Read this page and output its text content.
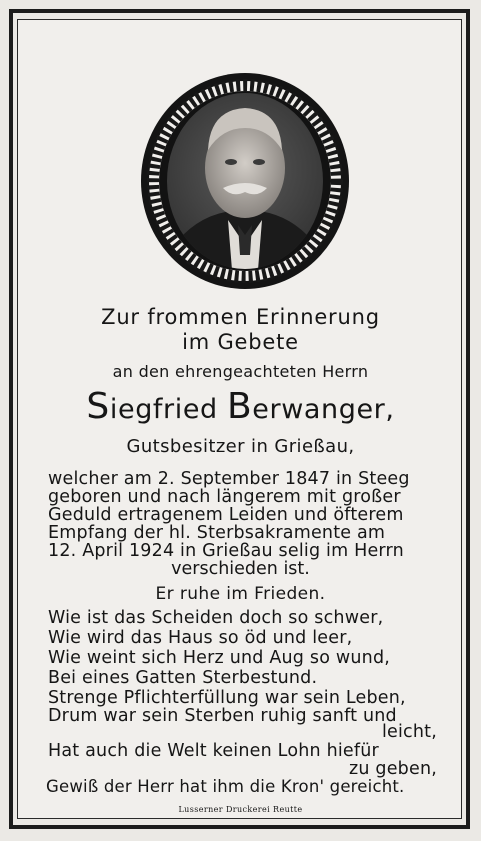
Zur frommen Erinnerung

im Gebete

an den ehrengeachteten Herrn

Siegfried Berwanger,

Gutsbesitzer in Grießau,

welcher am 2. September 1847 in Steeg

geboren und nach längerem mit großer

Geduld ertragenem Leiden und öfterem

Empfang der hl. Sterbsakramente am

12. April 1924 in Grießau selig im Herrn

verschieden ist.

Er ruhe im Frieden.

Wie ist das Scheiden doch so schwer,

Wie wird das Haus so öd und leer,

Wie weint sich Herz und Aug so wund,

Bei eines Gatten Sterbestund.

Strenge Pflichterfüllung war sein Leben,

Drum war sein Sterben ruhig sanft und

leicht,

Hat auch die Welt keinen Lohn hiefür

zu geben,

Gewiß der Herr hat ihm die Kron' gereicht.

Lusserner Druckerei Reutte
